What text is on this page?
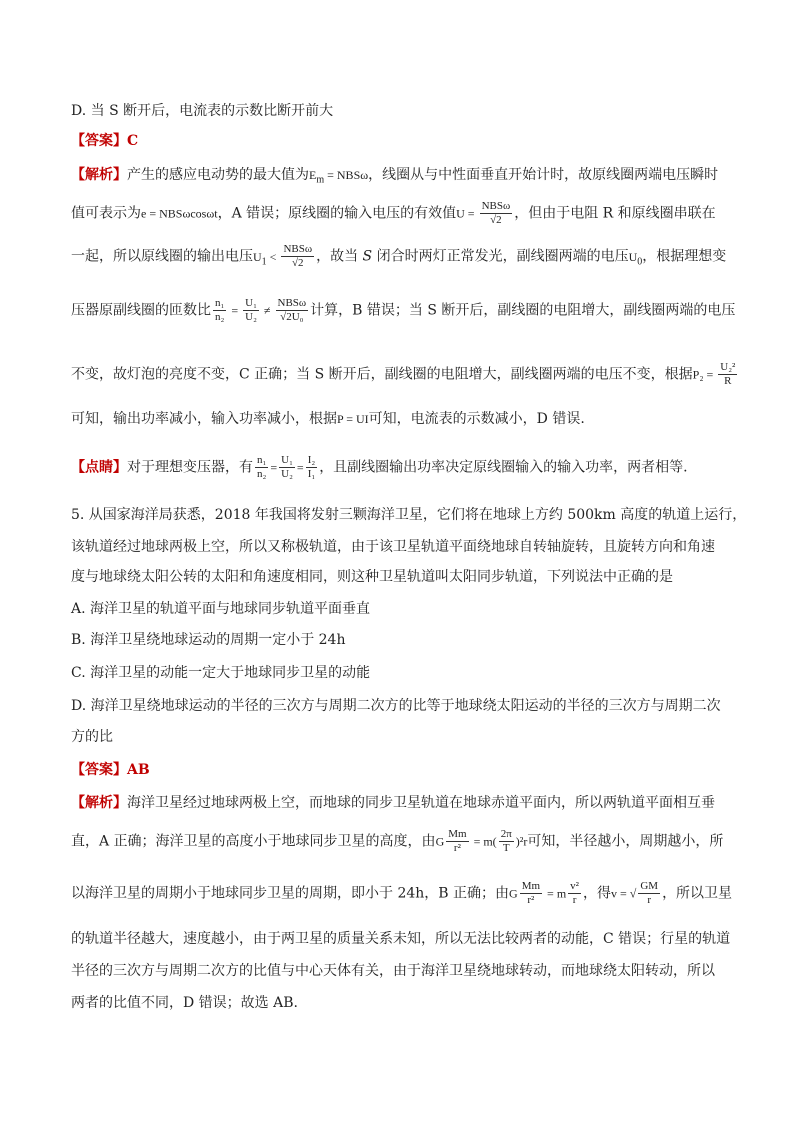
D. 当 S 断开后，电流表的示数比断开前大
【答案】C
【解析】产生的感应电动势的最大值为$E_m = NBS\omega$，线圈从与中性面垂直开始计时，故原线圈两端电压瞬时
值可表示为e = NBSωcosωt，A 错误；原线圈的输入电压的有效值$U = \frac{\text{NBSω}}{√2}$ ，但由于电阻 R 和原线圈串联在
一起，所以原线圈的输出电压$U_1 < \frac{\text{NBSω}}{√2}$ ，故当 S 闭合时两灯正常发光，副线圈两端的电压$U_0$，根据理想变
压器原副线圈的匝数比 $\frac{\text{n₁}}{\text{n₂}} = \frac{\text{U₁}}{\text{U₂}} \ne \frac{\text{NBSω}}{\text{√2U₀}}$ 计算，B 错误；当 S 断开后，副线圈的电阻增大，副线圈两端的电压
不变，故灯泡的亮度不变，C 正确；当 S 断开后，副线圈的电阻增大，副线圈两端的电压不变，根据$P_2 = \frac{\text{U₂²}}{R}$
可知，输出功率减小，输入功率减小，根据P = UI可知，电流表的示数减小，D 错误.
【点睛】对于理想变压器，有 $\frac{\text{n₁}}{\text{n₂}} = \frac{\text{U₁}}{\text{U₂}} = \frac{\text{I₂}}{\text{I₁}}$ ，且副线圈输出功率决定原线圈输入的输入功率，两者相等.
5. 从国家海洋局获悉，2018 年我国将发射三颗海洋卫星，它们将在地球上方约 500km 高度的轨道上运行，
该轨道经过地球两极上空，所以又称极轨道，由于该卫星轨道平面绕地球自转轴旋转，且旋转方向和角速
度与地球绕太阳公转的太阳和角速度相同，则这种卫星轨道叫太阳同步轨道，下列说法中正确的是
A. 海洋卫星的轨道平面与地球同步轨道平面垂直
B. 海洋卫星绕地球运动的周期一定小于 24h
C. 海洋卫星的动能一定大于地球同步卫星的动能
D. 海洋卫星绕地球运动的半径的三次方与周期二次方的比等于地球绕太阳运动的半径的三次方与周期二次
方的比
【答案】AB
【解析】海洋卫星经过地球两极上空，而地球的同步卫星轨道在地球赤道平面内，所以两轨道平面相互垂
直，A 正确；海洋卫星的高度小于地球同步卫星的高度，由G $\frac{Mm}{\text{r²}} = m( \frac{2\pi}{T} )^2r$可知，半径越小，周期越小，所
以海洋卫星的周期小于地球同步卫星的周期，即小于 24h，B 正确；由G $\frac{Mm}{\text{r²}} = m \frac{\text{v²}}{r}$ ，得v = √ $\frac{GM}{r}$ ，所以卫星
的轨道半径越大，速度越小，由于两卫星的质量关系未知，所以无法比较两者的动能，C 错误；行星的轨道
半径的三次方与周期二次方的比值与中心天体有关，由于海洋卫星绕地球转动，而地球绕太阳转动，所以
两者的比值不同，D 错误；故选 AB.
